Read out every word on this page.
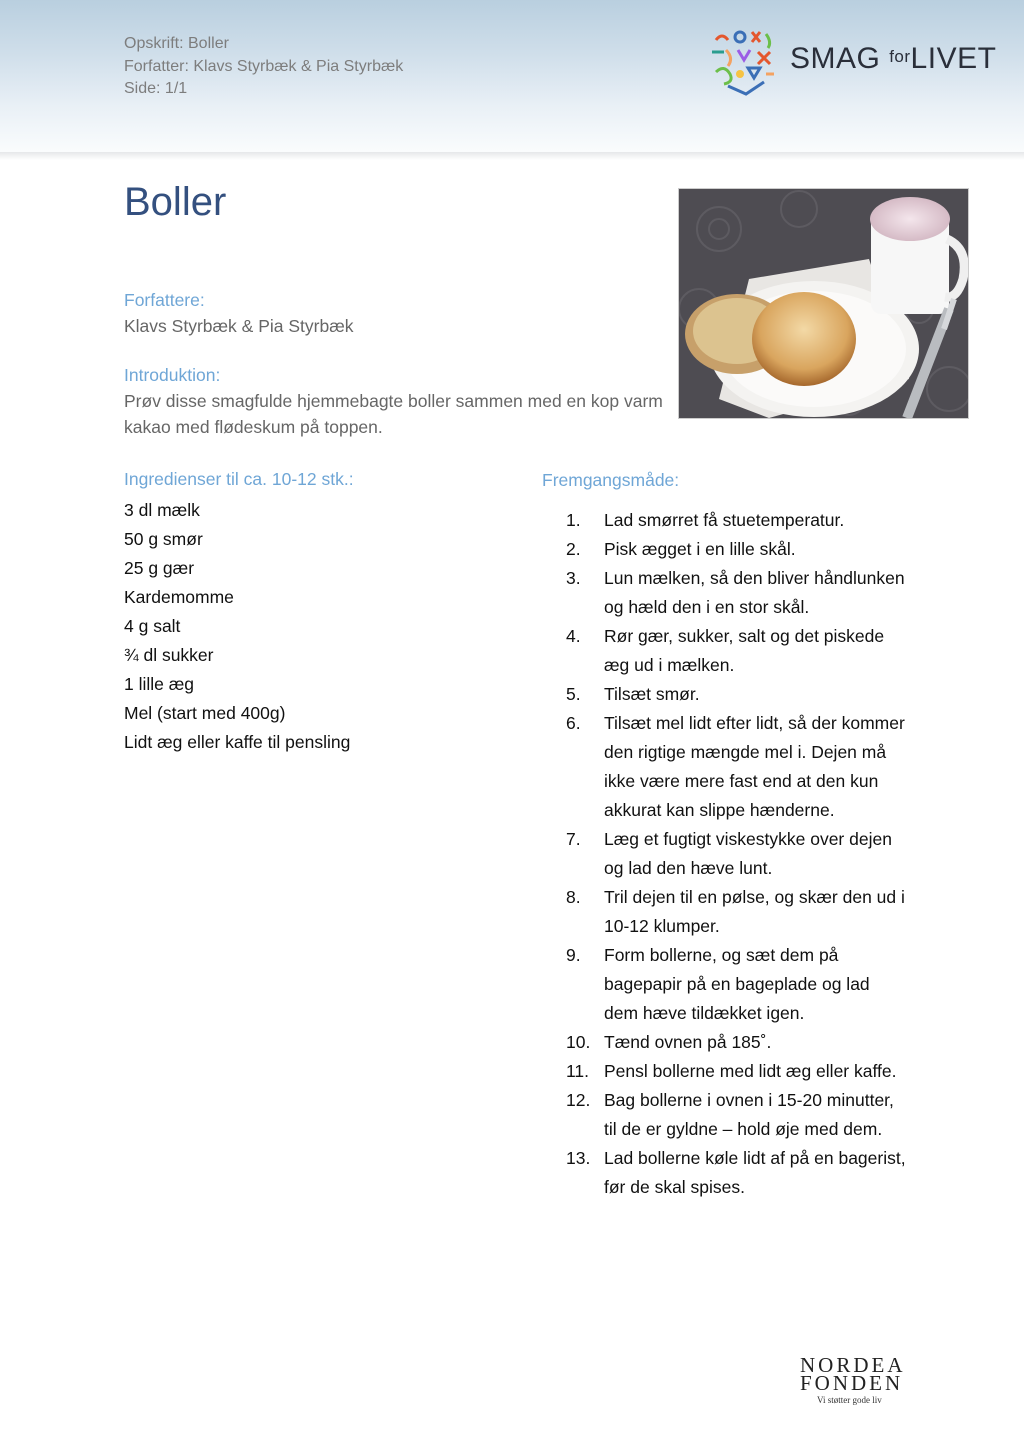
Opskrift: Boller
Forfatter: Klavs Styrbæk & Pia Styrbæk
Side: 1/1
SMAG $^{for}$LIVET
Boller
Forfattere:
Klavs Styrbæk & Pia Styrbæk
Introduktion:
Prøv disse smagfulde hjemmebagte boller sammen med en kop varm kakao med flødeskum på toppen.
Ingredienser til ca. 10-12 stk.:
3 dl mælk
50 g smør
25 g gær
Kardemomme
4 g salt
¾ dl sukker
1 lille æg
Mel (start med 400g)
Lidt æg eller kaffe til pensling
Fremgangsmåde:
1.	Lad smørret få stuetemperatur.
2.	Pisk ægget i en lille skål.
3.	Lun mælken, så den bliver håndlunken og hæld den i en stor skål.
4.	Rør gær, sukker, salt og det piskede æg ud i mælken.
5.	Tilsæt smør.
6.	Tilsæt mel lidt efter lidt, så der kommer den rigtige mængde mel i. Dejen må ikke være mere fast end at den kun akkurat kan slippe hænderne.
7.	Læg et fugtigt viskestykke over dejen og lad den hæve lunt.
8.	Tril dejen til en pølse, og skær den ud i 10-12 klumper.
9.	Form bollerne, og sæt dem på bagepapir på en bageplade og lad dem hæve tildækket igen.
10. Tænd ovnen på 185˚.
11. Pensl bollerne med lidt æg eller kaffe.
12. Bag bollerne i ovnen i 15-20 minutter, til de er gyldne – hold øje med dem.
13. Lad bollerne køle lidt af på en bagerist, før de skal spises.
NORDEA
FONDEN
Vi støtter gode liv
